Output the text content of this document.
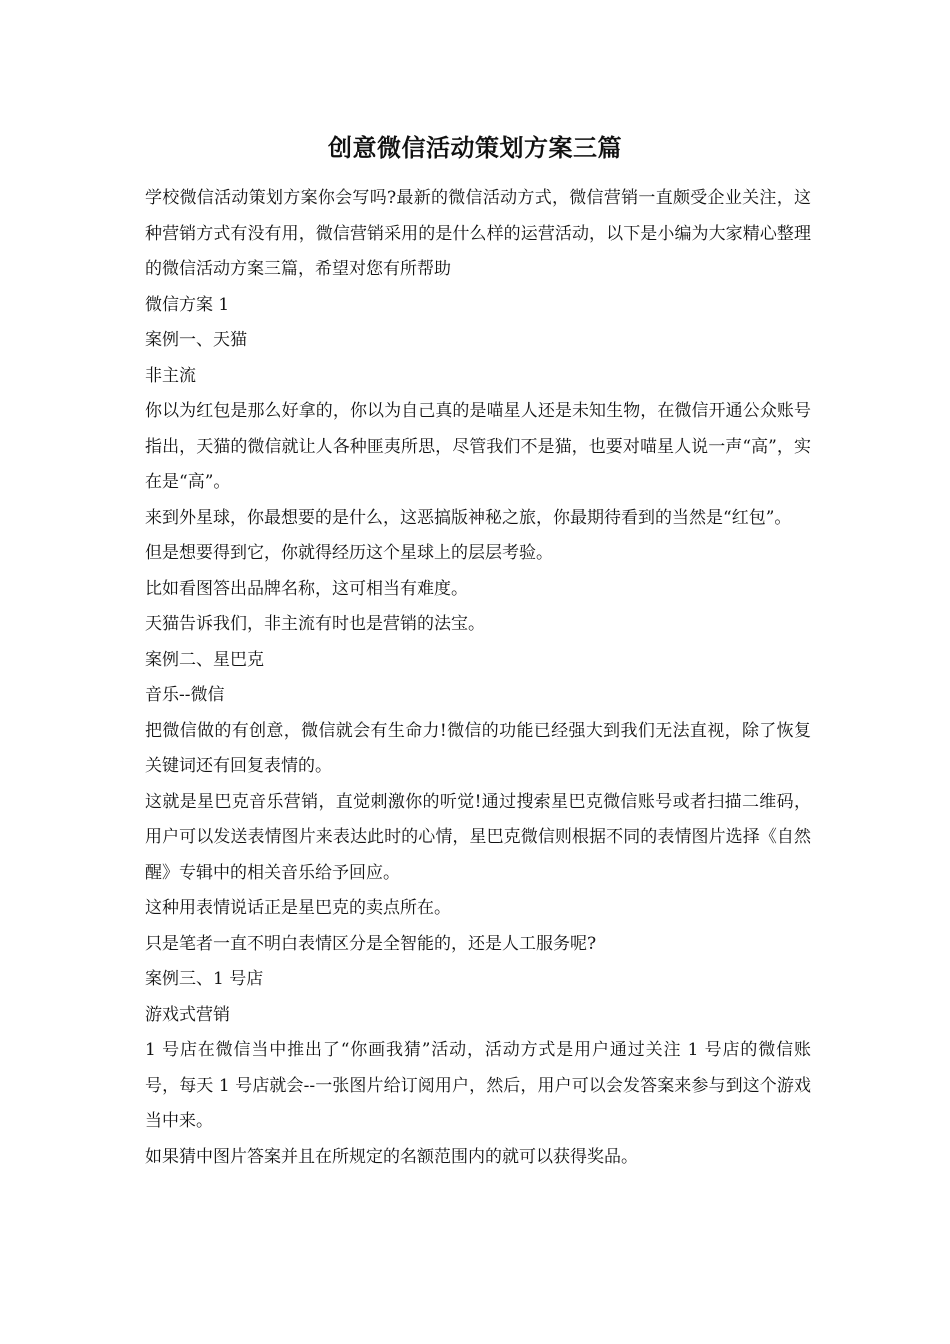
创意微信活动策划方案三篇

学校微信活动策划方案你会写吗?最新的微信活动方式，微信营销一直颇受企业关注，这种营销方式有没有用，微信营销采用的是什么样的运营活动，以下是小编为大家精心整理的微信活动方案三篇，希望对您有所帮助

微信方案 1

案例一、天猫

非主流

你以为红包是那么好拿的，你以为自己真的是喵星人还是未知生物，在微信开通公众账号指出，天猫的微信就让人各种匪夷所思，尽管我们不是猫，也要对喵星人说一声“高”，实在是“高”。

来到外星球，你最想要的是什么，这恶搞版神秘之旅，你最期待看到的当然是“红包”。

但是想要得到它，你就得经历这个星球上的层层考验。

比如看图答出品牌名称，这可相当有难度。

天猫告诉我们，非主流有时也是营销的法宝。

案例二、星巴克

音乐--微信

把微信做的有创意，微信就会有生命力!微信的功能已经强大到我们无法直视，除了恢复关键词还有回复表情的。

这就是星巴克音乐营销，直觉刺激你的听觉!通过搜索星巴克微信账号或者扫描二维码，用户可以发送表情图片来表达此时的心情，星巴克微信则根据不同的表情图片选择《自然醒》专辑中的相关音乐给予回应。

这种用表情说话正是星巴克的卖点所在。

只是笔者一直不明白表情区分是全智能的，还是人工服务呢?

案例三、1 号店

游戏式营销

1 号店在微信当中推出了“你画我猜”活动，活动方式是用户通过关注 1 号店的微信账号，每天 1 号店就会--一张图片给订阅用户，然后，用户可以会发答案来参与到这个游戏当中来。

如果猜中图片答案并且在所规定的名额范围内的就可以获得奖品。
